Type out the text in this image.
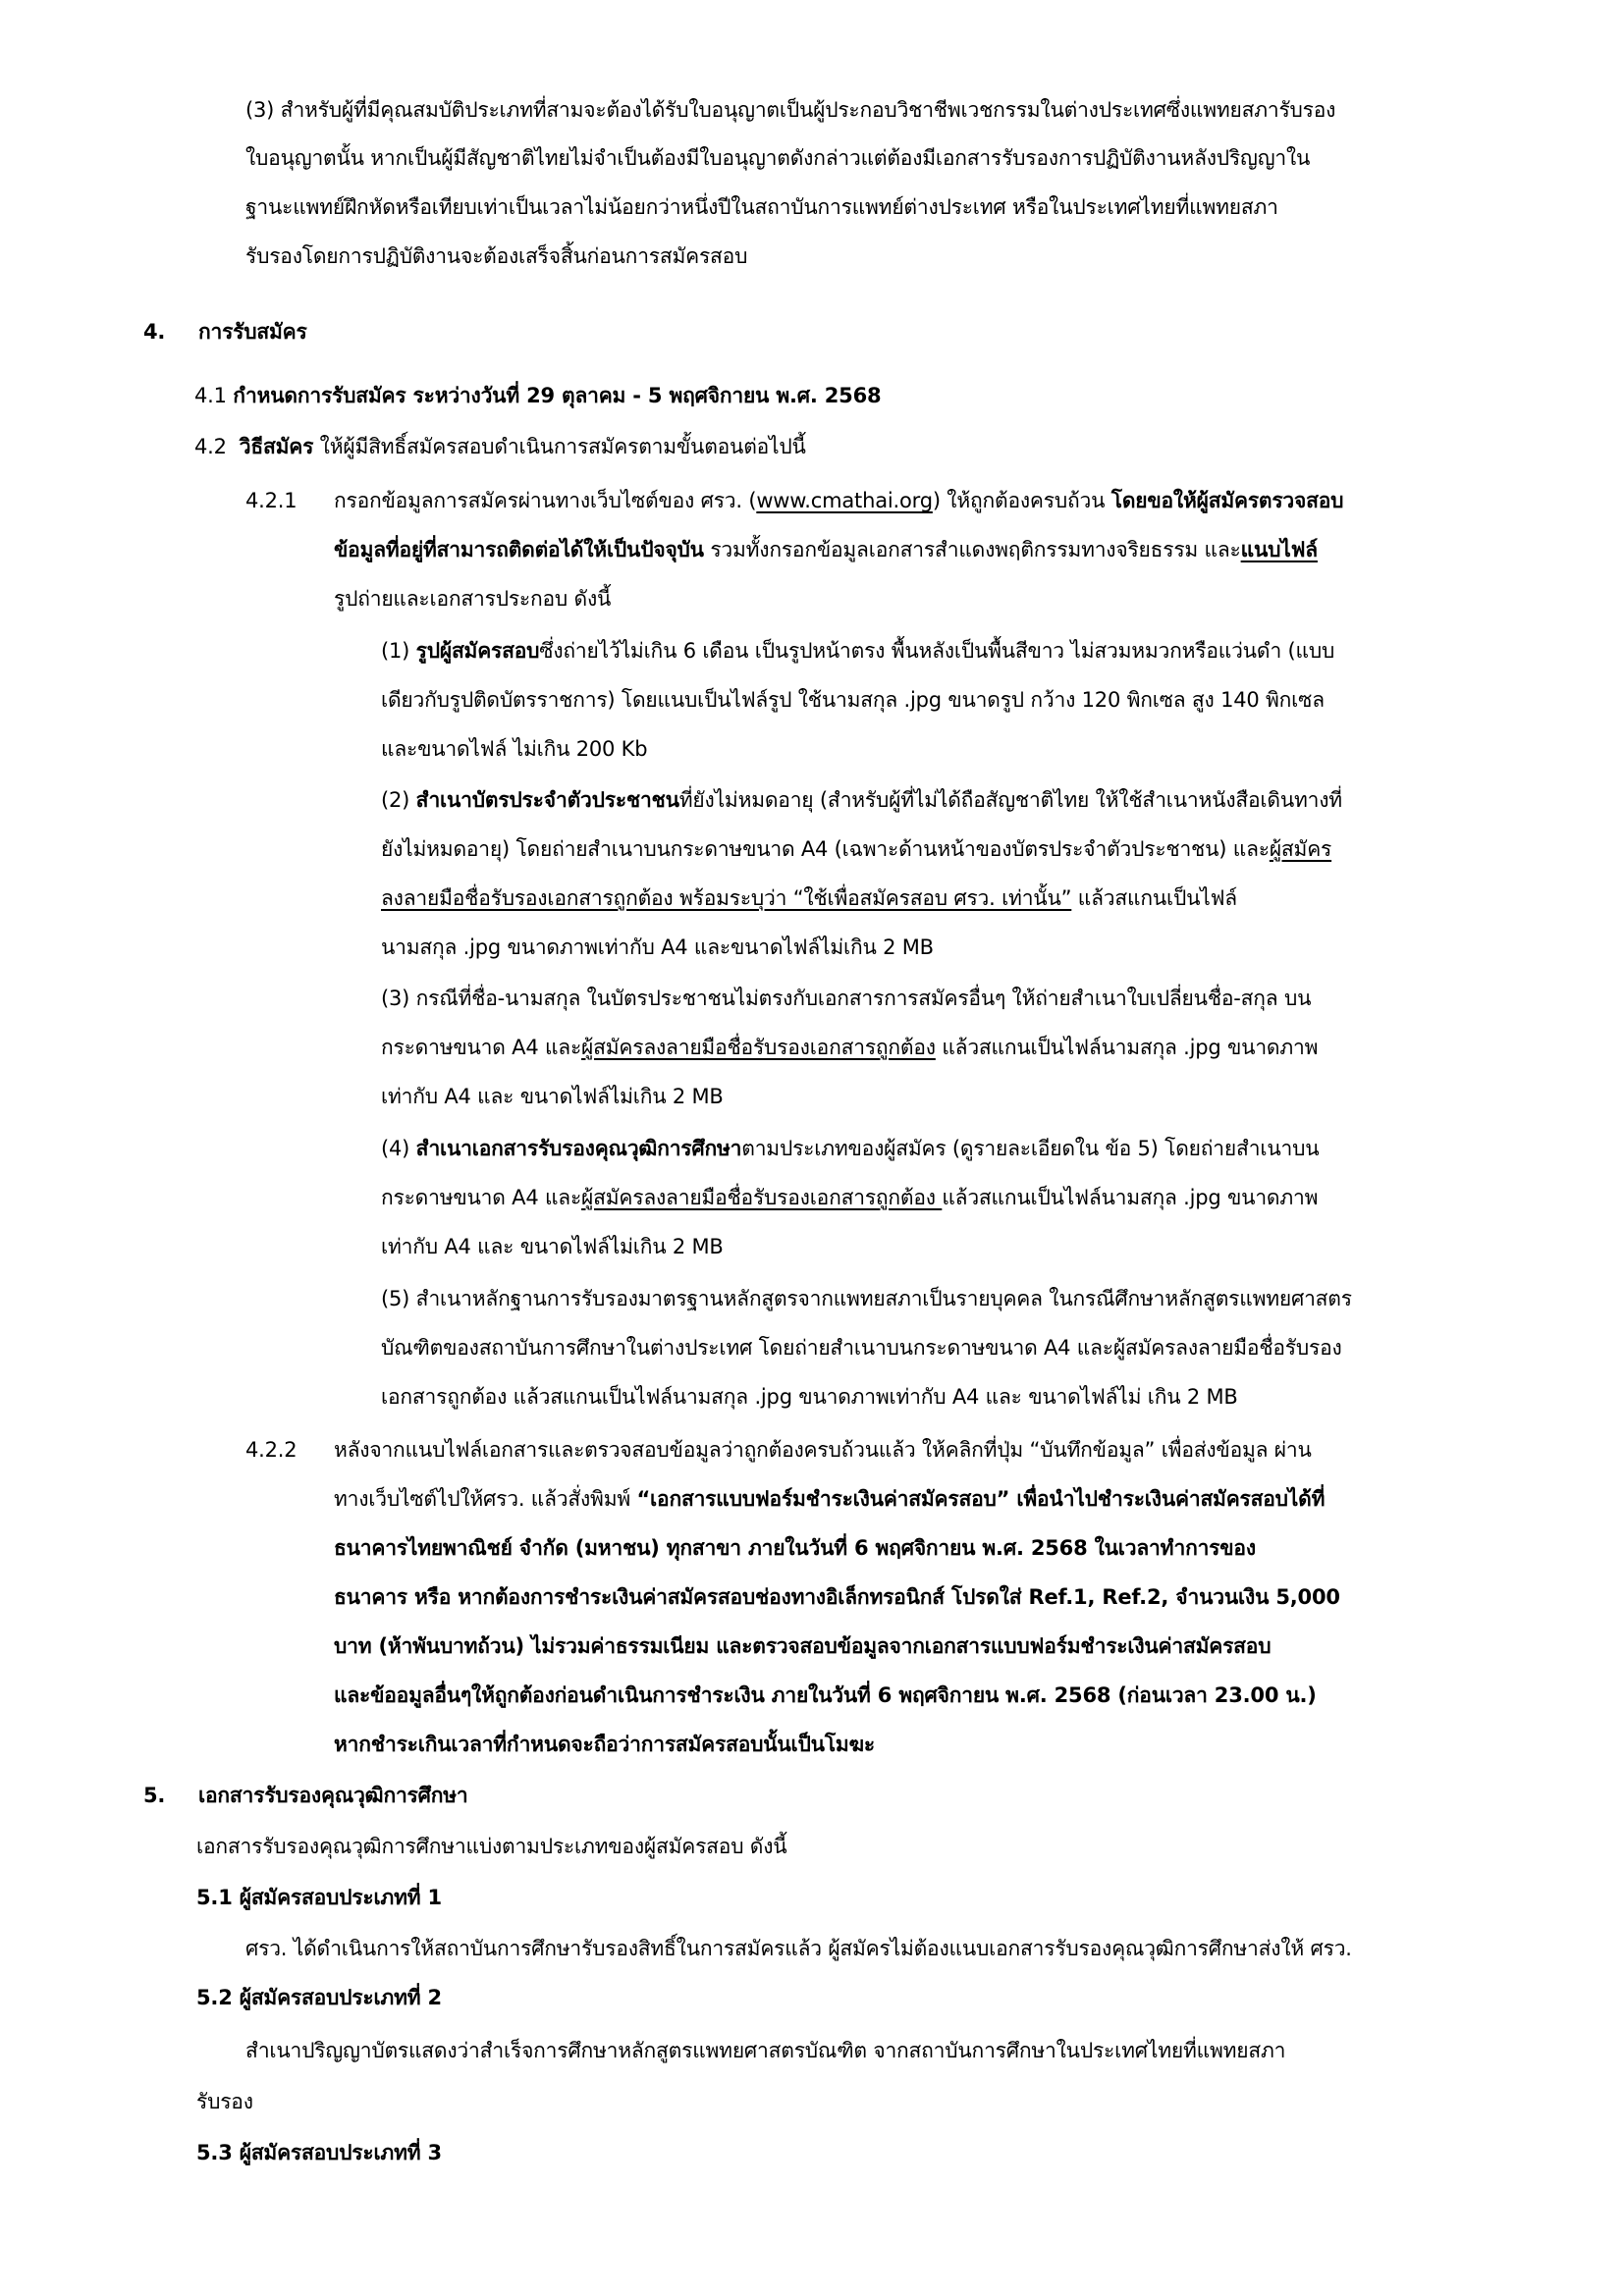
(3) สำหรับผู้ที่มีคุณสมบัติประเภทที่สามจะต้องได้รับใบอนุญาตเป็นผู้ประกอบวิชาชีพเวชกรรมในต่างประเทศซึ่งแพทยสภารับรอง
ใบอนุญาตนั้น หากเป็นผู้มีสัญชาติไทยไม่จำเป็นต้องมีใบอนุญาตดังกล่าวแต่ต้องมีเอกสารรับรองการปฏิบัติงานหลังปริญญาใน
ฐานะแพทย์ฝึกหัดหรือเทียบเท่าเป็นเวลาไม่น้อยกว่าหนึ่งปีในสถาบันการแพทย์ต่างประเทศ หรือในประเทศไทยที่แพทยสภา
รับรองโดยการปฏิบัติงานจะต้องเสร็จสิ้นก่อนการสมัครสอบ
4. การรับสมัคร
4.1 กำหนดการรับสมัคร ระหว่างวันที่ 29 ตุลาคม - 5 พฤศจิกายน พ.ศ. 2568
4.2 วิธีสมัคร ให้ผู้มีสิทธิ์สมัครสอบดำเนินการสมัครตามขั้นตอนต่อไปนี้
4.2.1 กรอกข้อมูลการสมัครผ่านทางเว็บไซต์ของ ศรว. (www.cmathai.org) ให้ถูกต้องครบถ้วน โดยขอให้ผู้สมัครตรวจสอบ
ข้อมูลที่อยู่ที่สามารถติดต่อได้ให้เป็นปัจจุบัน รวมทั้งกรอกข้อมูลเอกสารสำแดงพฤติกรรมทางจริยธรรม และแนบไฟล์
รูปถ่ายและเอกสารประกอบ ดังนี้
(1) รูปผู้สมัครสอบซึ่งถ่ายไว้ไม่เกิน 6 เดือน เป็นรูปหน้าตรง พื้นหลังเป็นพื้นสีขาว ไม่สวมหมวกหรือแว่นดำ (แบบ
เดียวกับรูปติดบัตรราชการ) โดยแนบเป็นไฟล์รูป ใช้นามสกุล .jpg ขนาดรูป กว้าง 120 พิกเซล สูง 140 พิกเซล
และขนาดไฟล์ ไม่เกิน 200 Kb
(2) สำเนาบัตรประจำตัวประชาชนที่ยังไม่หมดอายุ (สำหรับผู้ที่ไม่ได้ถือสัญชาติไทย ให้ใช้สำเนาหนังสือเดินทางที่
ยังไม่หมดอายุ) โดยถ่ายสำเนาบนกระดาษขนาด A4 (เฉพาะด้านหน้าของบัตรประจำตัวประชาชน) และผู้สมัคร
ลงลายมือชื่อรับรองเอกสารถูกต้อง พร้อมระบุว่า “ใช้เพื่อสมัครสอบ ศรว. เท่านั้น” แล้วสแกนเป็นไฟล์
นามสกุล .jpg ขนาดภาพเท่ากับ A4 และขนาดไฟล์ไม่เกิน 2 MB
(3) กรณีที่ชื่อ-นามสกุล ในบัตรประชาชนไม่ตรงกับเอกสารการสมัครอื่นๆ ให้ถ่ายสำเนาใบเปลี่ยนชื่อ-สกุล บน
กระดาษขนาด A4 และผู้สมัครลงลายมือชื่อรับรองเอกสารถูกต้อง แล้วสแกนเป็นไฟล์นามสกุล .jpg ขนาดภาพ
เท่ากับ A4 และ ขนาดไฟล์ไม่เกิน 2 MB
(4) สำเนาเอกสารรับรองคุณวุฒิการศึกษาตามประเภทของผู้สมัคร (ดูรายละเอียดใน ข้อ 5) โดยถ่ายสำเนาบน
กระดาษขนาด A4 และผู้สมัครลงลายมือชื่อรับรองเอกสารถูกต้อง แล้วสแกนเป็นไฟล์นามสกุล .jpg ขนาดภาพ
เท่ากับ A4 และ ขนาดไฟล์ไม่เกิน 2 MB
(5) สำเนาหลักฐานการรับรองมาตรฐานหลักสูตรจากแพทยสภาเป็นรายบุคคล ในกรณีศึกษาหลักสูตรแพทยศาสตร
บัณฑิตของสถาบันการศึกษาในต่างประเทศ โดยถ่ายสำเนาบนกระดาษขนาด A4 และผู้สมัครลงลายมือชื่อรับรอง
เอกสารถูกต้อง แล้วสแกนเป็นไฟล์นามสกุล .jpg ขนาดภาพเท่ากับ A4 และ ขนาดไฟล์ไม่ เกิน 2 MB
4.2.2 หลังจากแนบไฟล์เอกสารและตรวจสอบข้อมูลว่าถูกต้องครบถ้วนแล้ว ให้คลิกที่ปุ่ม “บันทึกข้อมูล” เพื่อส่งข้อมูล ผ่าน
ทางเว็บไซต์ไปให้ศรว. แล้วสั่งพิมพ์ “เอกสารแบบฟอร์มชำระเงินค่าสมัครสอบ” เพื่อนำไปชำระเงินค่าสมัครสอบได้ที่
ธนาคารไทยพาณิชย์ จำกัด (มหาชน) ทุกสาขา ภายในวันที่ 6 พฤศจิกายน พ.ศ. 2568 ในเวลาทำการของ
ธนาคาร หรือ หากต้องการชำระเงินค่าสมัครสอบช่องทางอิเล็กทรอนิกส์ โปรดใส่ Ref.1, Ref.2, จำนวนเงิน 5,000
บาท (ห้าพันบาทถ้วน) ไม่รวมค่าธรรมเนียม และตรวจสอบข้อมูลจากเอกสารแบบฟอร์มชำระเงินค่าสมัครสอบ
และข้ออมูลอื่นๆให้ถูกต้องก่อนดำเนินการชำระเงิน ภายในวันที่ 6 พฤศจิกายน พ.ศ. 2568 (ก่อนเวลา 23.00 น.)
หากชำระเกินเวลาที่กำหนดจะถือว่าการสมัครสอบนั้นเป็นโมฆะ
5. เอกสารรับรองคุณวุฒิการศึกษา
เอกสารรับรองคุณวุฒิการศึกษาแบ่งตามประเภทของผู้สมัครสอบ ดังนี้
5.1 ผู้สมัครสอบประเภทที่ 1
ศรว. ได้ดำเนินการให้สถาบันการศึกษารับรองสิทธิ์ในการสมัครแล้ว ผู้สมัครไม่ต้องแนบเอกสารรับรองคุณวุฒิการศึกษาส่งให้ ศรว.
5.2 ผู้สมัครสอบประเภทที่ 2
สำเนาปริญญาบัตรแสดงว่าสำเร็จการศึกษาหลักสูตรแพทยศาสตรบัณฑิต จากสถาบันการศึกษาในประเทศไทยที่แพทยสภา
รับรอง
5.3 ผู้สมัครสอบประเภทที่ 3
